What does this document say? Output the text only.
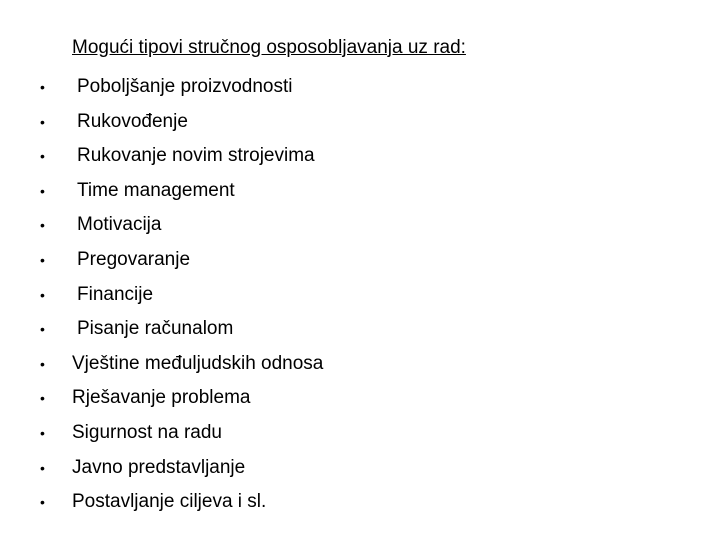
Mogući tipovi stručnog osposobljavanja uz rad:
• Poboljšanje proizvodnosti
• Rukovođenje
• Rukovanje novim strojevima
• Time management
• Motivacija
• Pregovaranje
• Financije
• Pisanje računalom
• Vještine međuljudskih odnosa
• Rješavanje problema
• Sigurnost na radu
• Javno predstavljanje
• Postavljanje ciljeva i sl.
